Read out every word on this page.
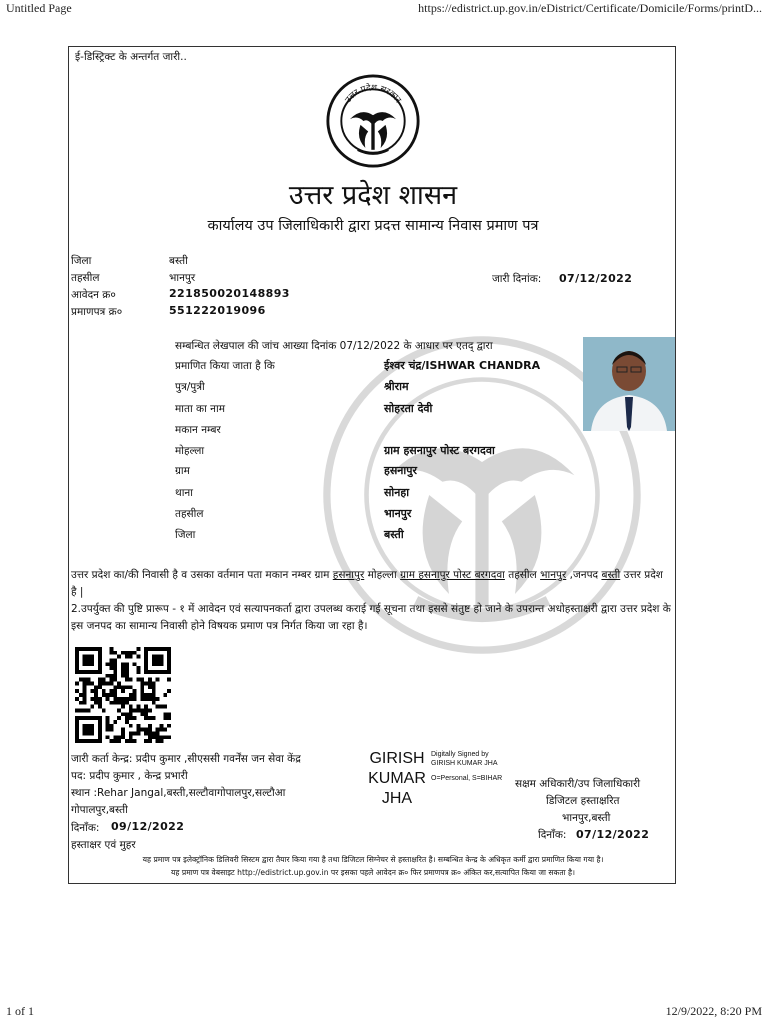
Untitled Page	https://edistrict.up.gov.in/eDistrict/Certificate/Domicile/Forms/printD...
1 of 1	12/9/2022, 8:20 PM
ई-डिस्ट्रिक्ट के अन्तर्गत जारी..
उत्तर प्रदेश सरकार
उत्तर प्रदेश शासन
कार्यालय उप जिलाधिकारी द्वारा प्रदत्त सामान्य निवास प्रमाण पत्र
जिला	बस्ती
तहसील	भानपुर
आवेदन क्र०	221850020148893
प्रमाणपत्र क्र०	551222019096
जारी दिनांक: 07/12/2022
सम्बन्धित लेखपाल की जांच आख्या दिनांक 07/12/2022 के आधार पर एतद् द्वारा
प्रमाणित किया जाता है कि	ईश्वर चंद्र/ISHWAR CHANDRA
पुत्र/पुत्री	श्रीराम
माता का नाम	सोहरता देवी
मकान नम्बर
मोहल्ला	ग्राम हसनापुर पोस्ट बरगदवा
ग्राम	हसनापुर
थाना	सोनहा
तहसील	भानपुर
जिला	बस्ती
उत्तर प्रदेश का/की निवासी है व उसका वर्तमान पता मकान नम्बर ग्राम हसनापुर मोहल्ला ग्राम हसनापुर पोस्ट बरगदवा तहसील भानपुर ,जनपद बस्ती उत्तर प्रदेश है |
2.उपर्युक्त की पुष्टि प्रारूप - १ में आवेदन एवं सत्यापनकर्ता द्वारा उपलब्ध कराई गई सूचना तथा इससे संतुष्ट हो जाने के उपरान्त अधोहस्ताक्षरी द्वारा उत्तर प्रदेश के इस जनपद का सामान्य निवासी होने विषयक प्रमाण पत्र निर्गत किया जा रहा है।
जारी कर्ता केन्द्र: प्रदीप कुमार ,सीएससी गवर्नेंस जन सेवा केंद्र
पद: प्रदीप कुमार , केन्द्र प्रभारी
स्थान :Rehar Jangal,बस्ती,सल्टौवागोपालपुर,सल्टौआ
गोपालपुर,बस्ती
दिनाँक: 09/12/2022
हस्ताक्षर एवं मुहर
GIRISH
KUMAR
JHA
Digitally Signed by
GIRISH KUMAR JHA
O=Personal, S=BIHAR सक्षम अधिकारी/उप जिलाधिकारी
डिजिटल हस्ताक्षरित
भानपुर,बस्ती
दिनाँक: 07/12/2022
यह प्रमाण पत्र इलेक्ट्रॉनिक डिलिवरी सिस्टम द्वारा तैयार किया गया है तथा डिजिटल सिग्नेचर से हस्ताक्षरित है। सम्बन्धित केन्द्र के अधिकृत कर्मी द्वारा प्रमाणित किया गया है।
यह प्रमाण पत्र वेबसाइट http://edistrict.up.gov.in पर इसका पहले आवेदन क्र० फिर प्रमाणपत्र क्र० अंकित कर,सत्यापित किया जा सकता है।
